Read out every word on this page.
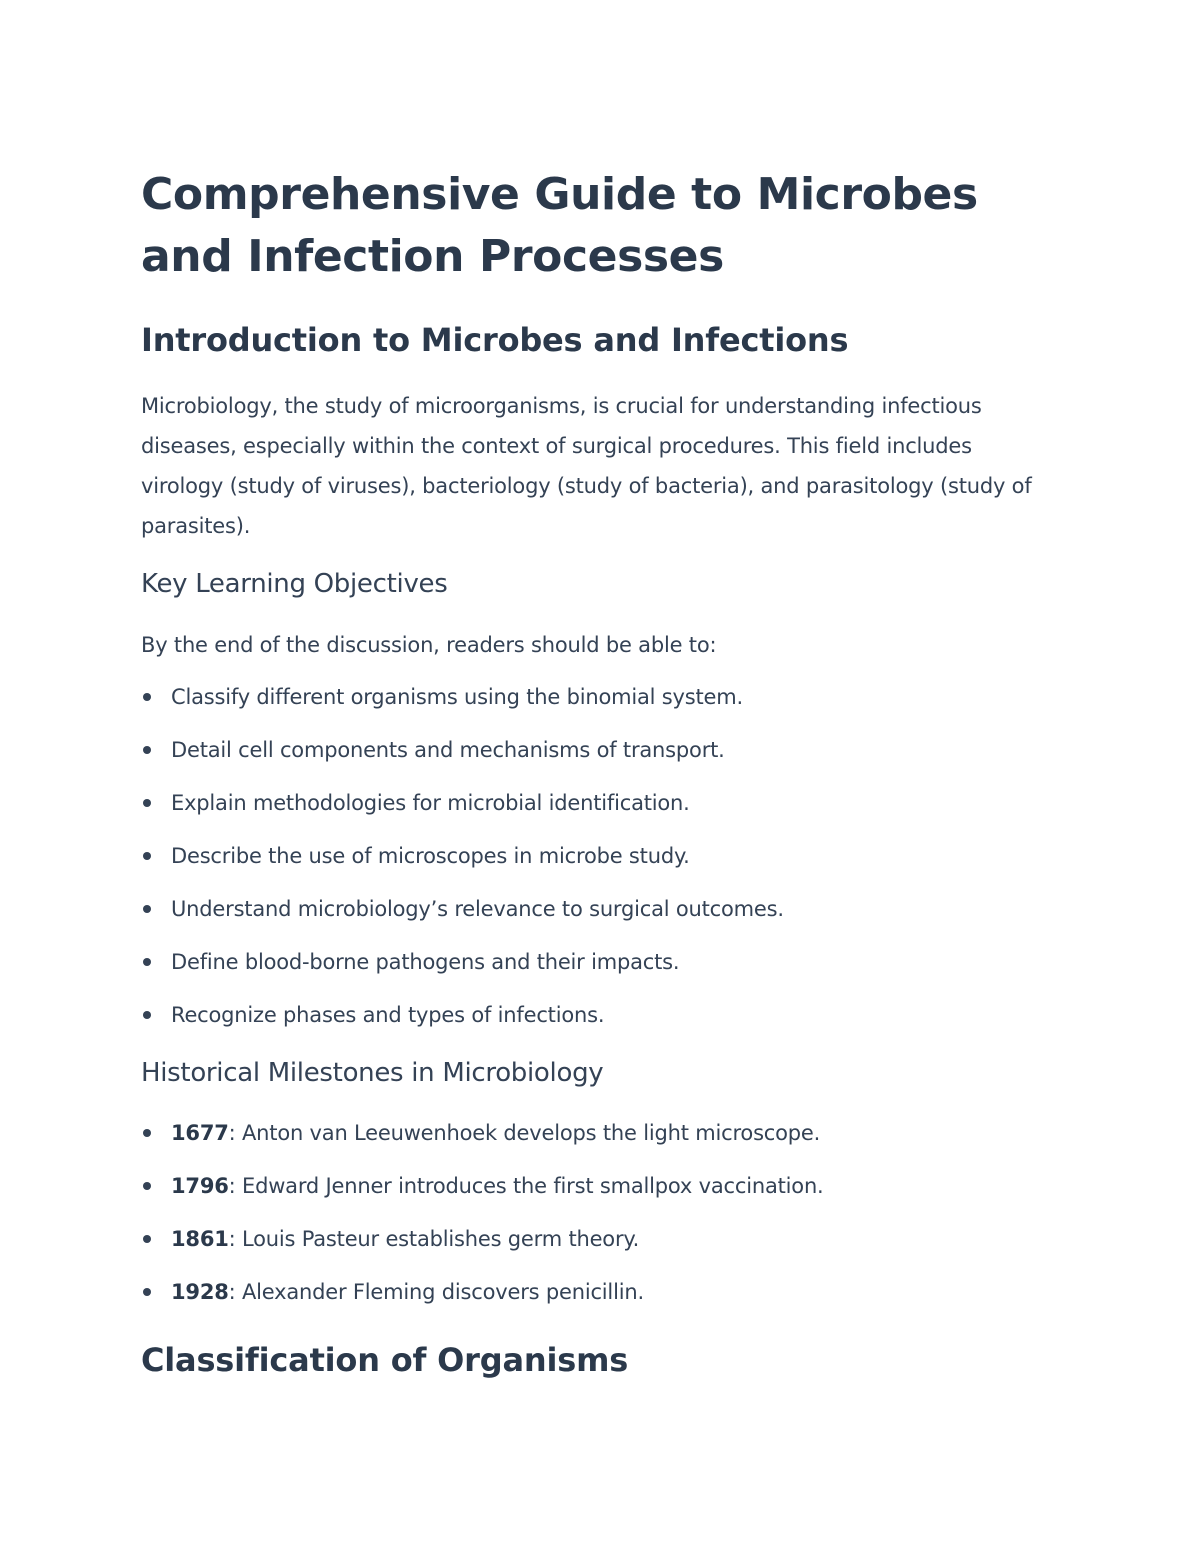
Comprehensive Guide to Microbes and Infection Processes
Introduction to Microbes and Infections

Microbiology, the study of microorganisms, is crucial for understanding infectious diseases, especially within the context of surgical procedures. This field includes virology (study of viruses), bacteriology (study of bacteria), and parasitology (study of parasites).

Key Learning Objectives

By the end of the discussion, readers should be able to:

Classify different organisms using the binomial system.
Detail cell components and mechanisms of transport.
Explain methodologies for microbial identification.
Describe the use of microscopes in microbe study.
Understand microbiology’s relevance to surgical outcomes.
Define blood-borne pathogens and their impacts.
Recognize phases and types of infections.
Historical Milestones in Microbiology
1677: Anton van Leeuwenhoek develops the light microscope.
1796: Edward Jenner introduces the first smallpox vaccination.
1861: Louis Pasteur establishes germ theory.
1928: Alexander Fleming discovers penicillin.
Classification of Organisms
